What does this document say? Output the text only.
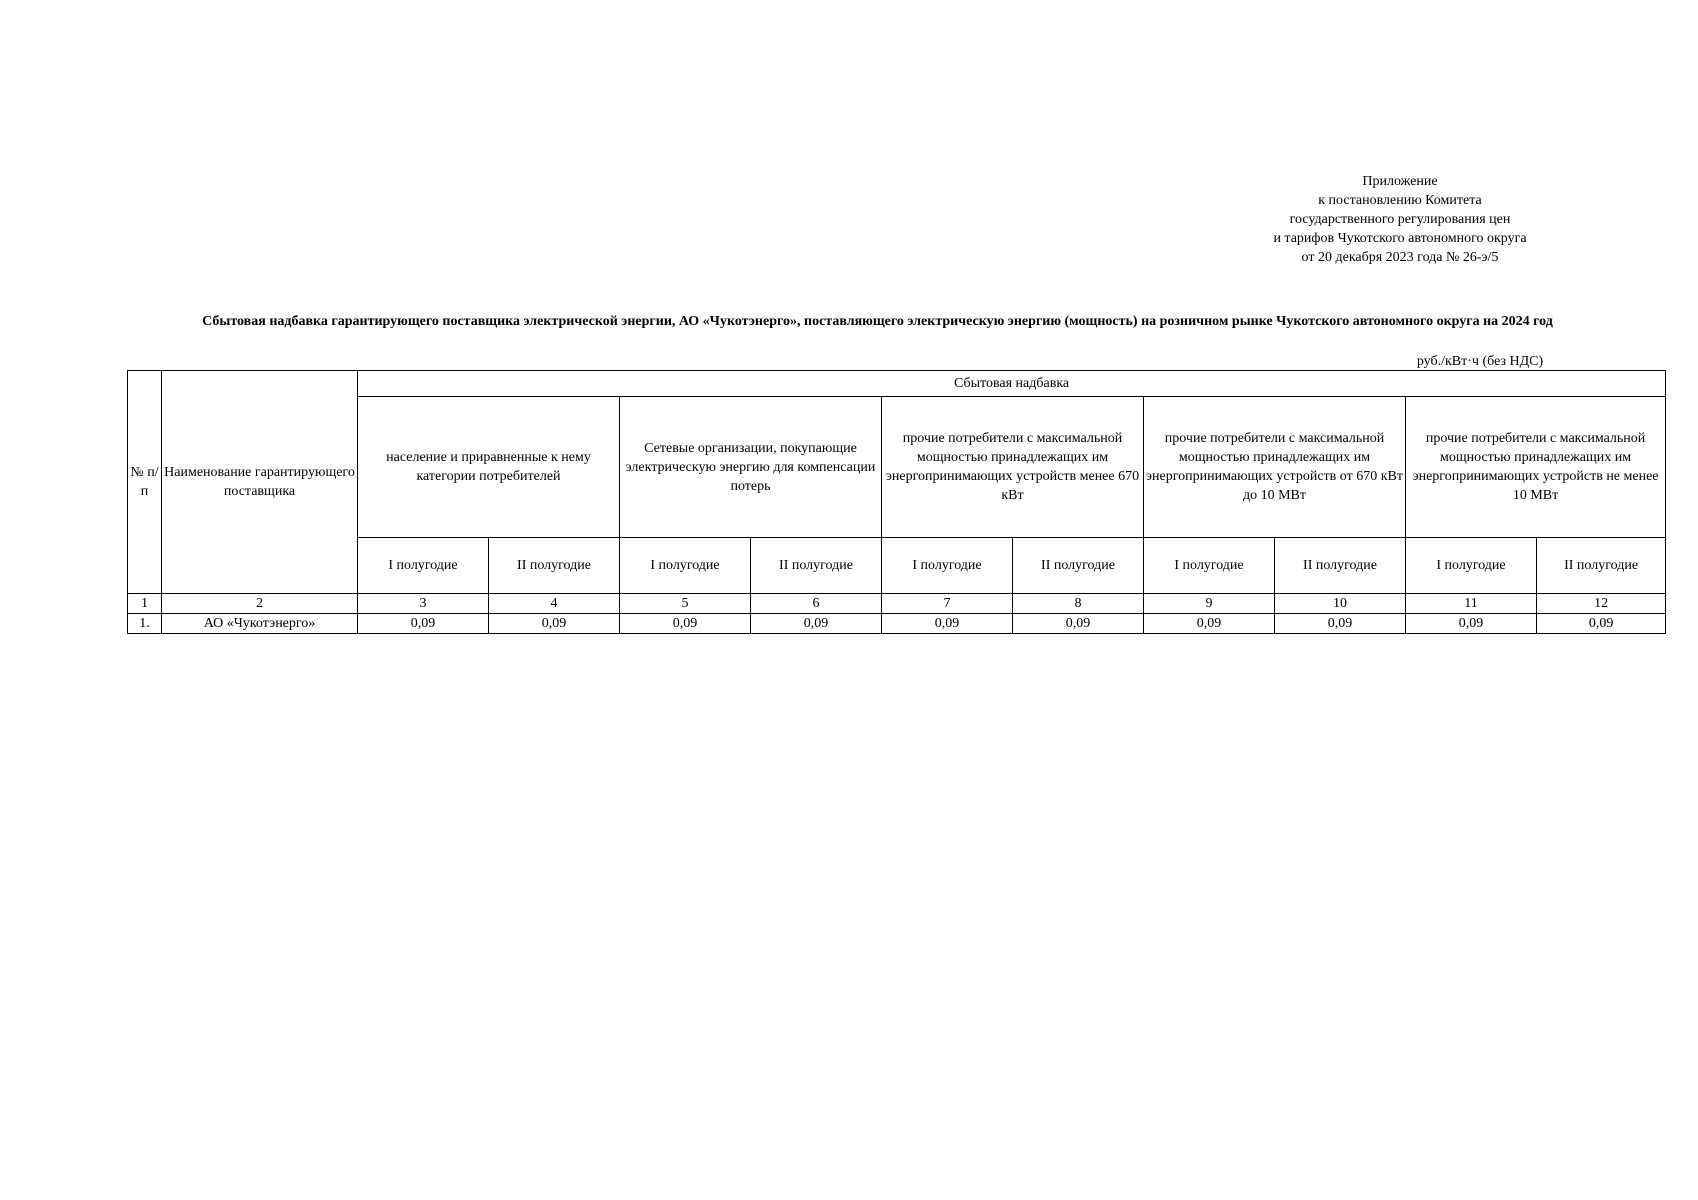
Приложение
к постановлению Комитета
государственного регулирования цен
и тарифов Чукотского автономного округа
от 20 декабря 2023 года № 26-э/5
Сбытовая надбавка гарантирующего поставщика электрической энергии, АО «Чукотэнерго», поставляющего электрическую энергию (мощность) на розничном рынке Чукотского автономного округа на 2024 год
руб./кВт·ч (без НДС)
№ п/п	Наименование гарантирующего поставщика	Сбытовая надбавка									
		население и приравненные к нему категории потребителей		Сетевые организации, покупающие электрическую энергию для компенсации потерь		прочие потребители с максимальной мощностью принадлежащих им энергопринимающих устройств менее 670 кВт		прочие потребители с максимальной мощностью принадлежащих им энергопринимающих устройств от 670 кВт до 10 МВт		прочие потребители с максимальной мощностью принадлежащих им энергопринимающих устройств не менее 10 МВт	
		I полугодие	II полугодие	I полугодие	II полугодие	I полугодие	II полугодие	I полугодие	II полугодие	I полугодие	II полугодие
1	2	3	4	5	6	7	8	9	10	11	12
1.	АО «Чукотэнерго»	0,09	0,09	0,09	0,09	0,09	0,09	0,09	0,09	0,09	0,09
